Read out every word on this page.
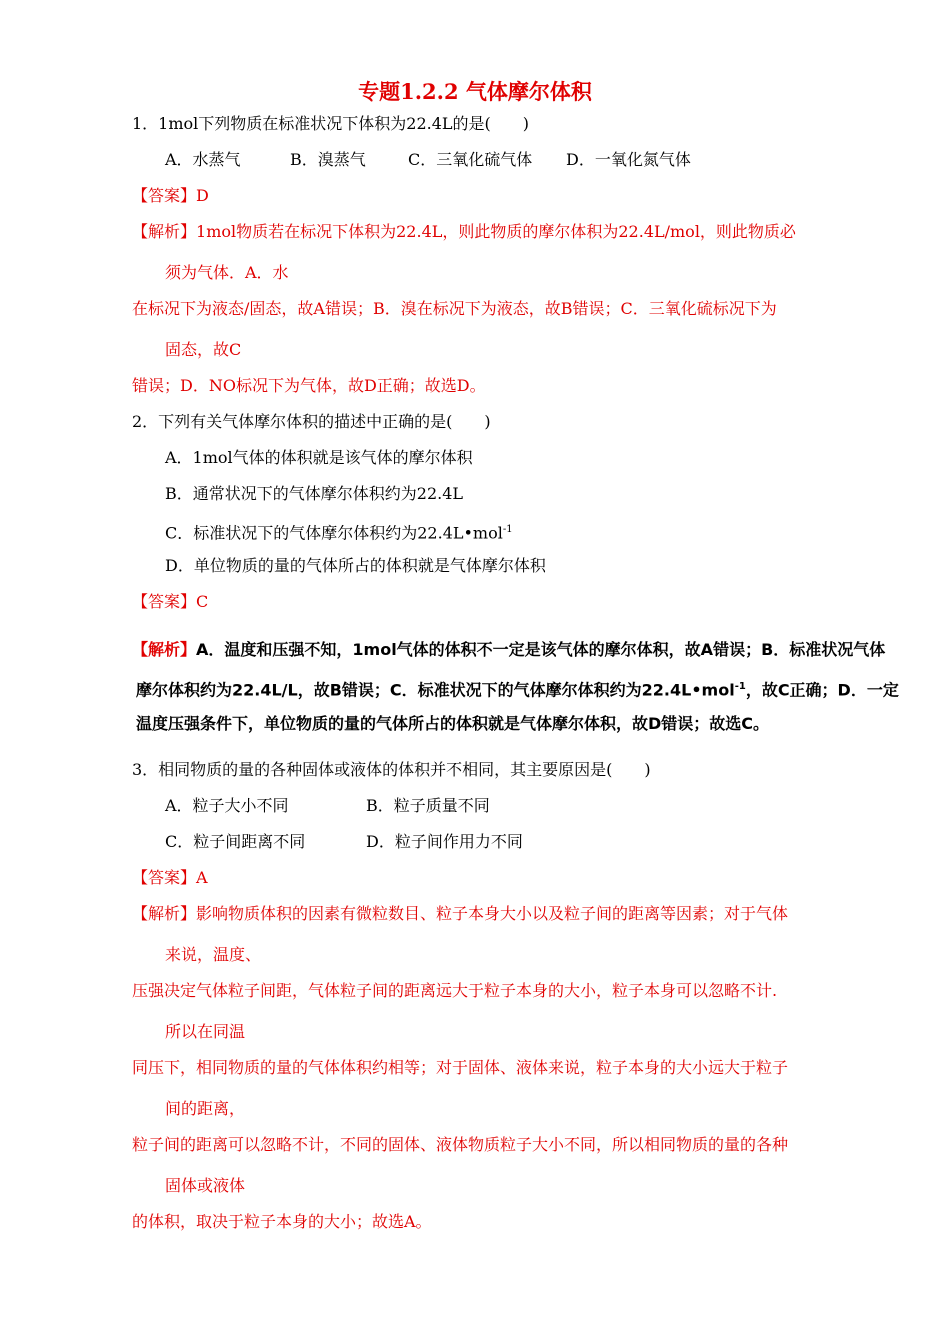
专题1.2.2 气体摩尔体积
1．1mol下列物质在标准状况下体积为22.4L的是(　　)
A．水蒸气	B．溴蒸气	C．三氧化硫气体 D．一氧化氮气体
【答案】D
【解析】1mol物质若在标况下体积为22.4L，则此物质的摩尔体积为22.4L/mol，则此物质必
须为气体．A．水
在标况下为液态/固态，故A错误；B．溴在标况下为液态，故B错误；C．三氧化硫标况下为
固态，故C
错误；D．NO标况下为气体，故D正确；故选D。
2．下列有关气体摩尔体积的描述中正确的是(　　)
A．1mol气体的体积就是该气体的摩尔体积
B．通常状况下的气体摩尔体积约为22.4L
C．标准状况下的气体摩尔体积约为22.4L•mol$^{-1}$
D．单位物质的量的气体所占的体积就是气体摩尔体积
【答案】C
【解析】A．温度和压强不知，1mol气体的体积不一定是该气体的摩尔体积，故A错误；B．标准状况气体
摩尔体积约为22.4L/L，故B错误；C．标准状况下的气体摩尔体积约为22.4L•mol$^{-1}$，故C正确；D．一定
温度压强条件下，单位物质的量的气体所占的体积就是气体摩尔体积，故D错误；故选C。
3．相同物质的量的各种固体或液体的体积并不相同，其主要原因是(　　)
A．粒子大小不同	B．粒子质量不同
C．粒子间距离不同	D．粒子间作用力不同
【答案】A
【解析】影响物质体积的因素有微粒数目、粒子本身大小以及粒子间的距离等因素；对于气体
来说，温度、
压强决定气体粒子间距，气体粒子间的距离远大于粒子本身的大小，粒子本身可以忽略不计.
所以在同温
同压下，相同物质的量的气体体积约相等；对于固体、液体来说，粒子本身的大小远大于粒子
间的距离，
粒子间的距离可以忽略不计，不同的固体、液体物质粒子大小不同，所以相同物质的量的各种
固体或液体
的体积，取决于粒子本身的大小；故选A。
